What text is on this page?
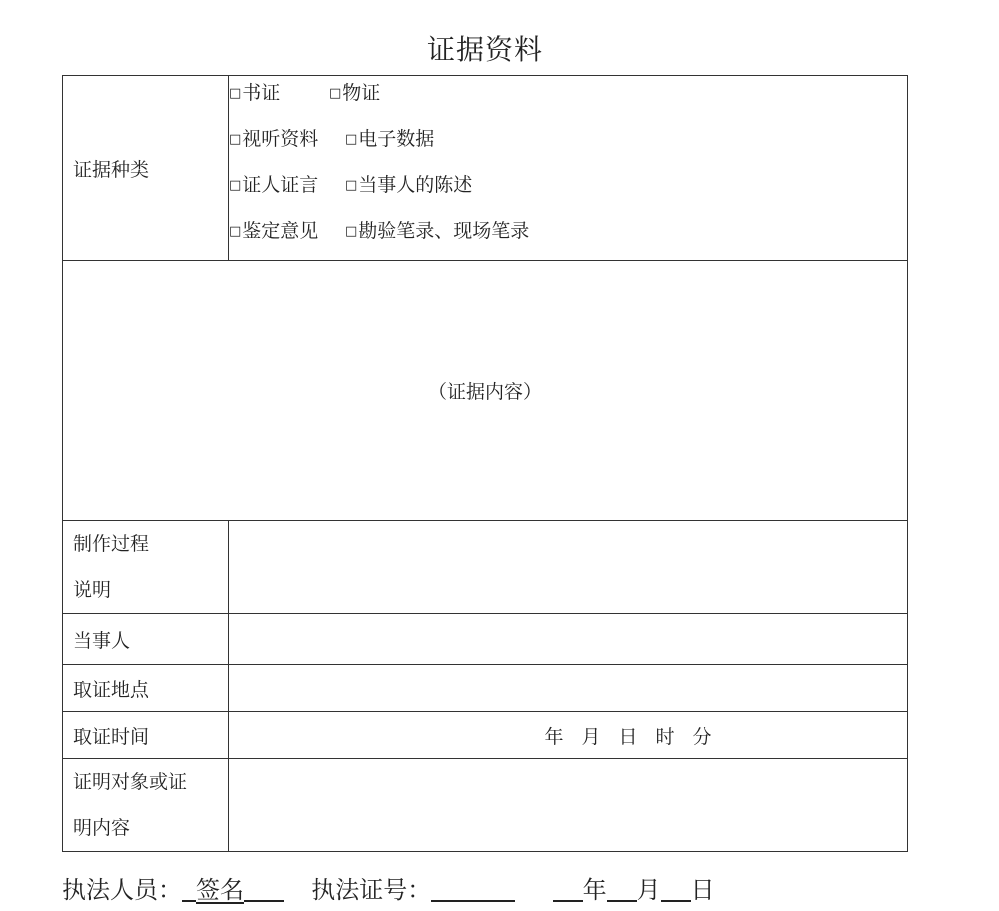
证据资料
证据种类	□书证 □物证
□视听资料 □电子数据
□证人证言 □当事人的陈述
□鉴定意见 □勘验笔录、现场笔录

（证据内容）	

制作过程
说明	

当事人	
取证地点	
取证时间	年 月 日 时 分

证明对象或证
明内容	

执法人员： 签名	执法证号：	年 月 日
